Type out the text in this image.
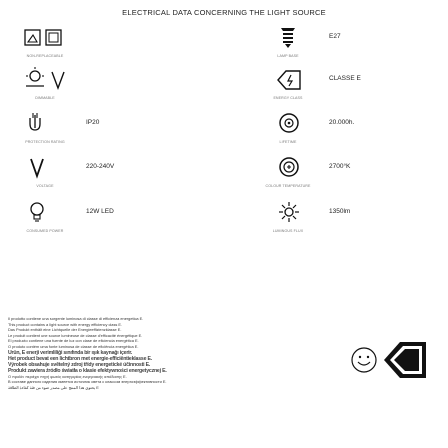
ELECTRICAL DATA CONCERNING THE LIGHT SOURCE
NON-REPLACEABLE
DIMMABLE
PROTECTION RATING
IP20
VOLTAGE
220-240V
CONSUMED POWER
12W LED
LAMP BASE
E27
ENERGY CLASS
CLASSE E
LIFETIME
20.000h.
COLOUR TEMPERATURE
2700°K
LUMINOUS FLUX
1350lm
Il prodotto contiene una sorgente luminosa di classe di efficienza energetica E.
This product contains a light source with energy efficiency class E.
Das Produkt enthält eine Lichtquelle der Energieeffizienzklasse E.
Le produit contient une source lumineuse de classe d'efficacité énergétique E.
El producto contiene una fuente de luz con clase de eficiencia energética E.
O produto contém uma fonte luminosa de classe de eficiência energética E.
Ürün, E enerji verimliliği sınıfında bir ışık kaynağı içerir.
Het product bevat een lichtbron met energie-efficiëntieklasse E.
Výrobek obsahuje světelný zdroj třídy energetické účinnosti E.
Produkt zawiera źródło światła o klasie efektywności energetycznej E.
Ο προϊόν περιέχει πηγή φωτός κατηγορίας ενεργειακής απόδοσης E.
В составе данного изделия имеется источник света с классом энергоэффективности E.
يحتوي هذا المنتج على مصدر ضوء من فئة كفاءة الطاقة E
